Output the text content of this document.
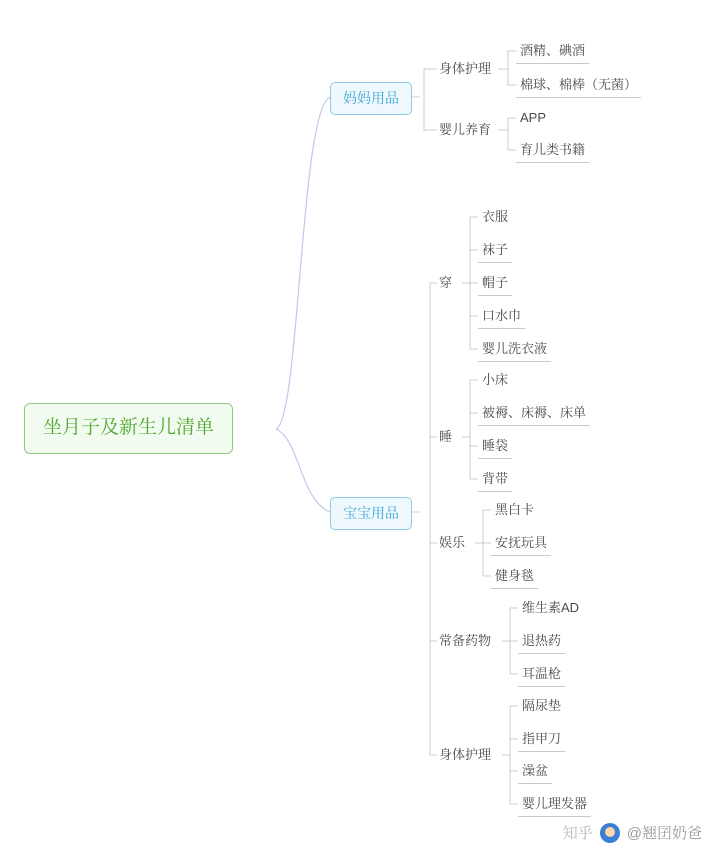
坐月子及新生儿清单
妈妈用品
身体护理
酒精、碘酒
棉球、棉棒（无菌）
婴儿养育
APP
育儿类书籍
宝宝用品
穿
衣服
袜子
帽子
口水巾
婴儿洗衣液
睡
小床
被褥、床褥、床单
睡袋
背带
娱乐
黑白卡
安抚玩具
健身毯
常备药物
维生素AD
退热药
耳温枪
身体护理
隔尿垫
指甲刀
澡盆
婴儿理发器
知乎 @翘囝奶爸
